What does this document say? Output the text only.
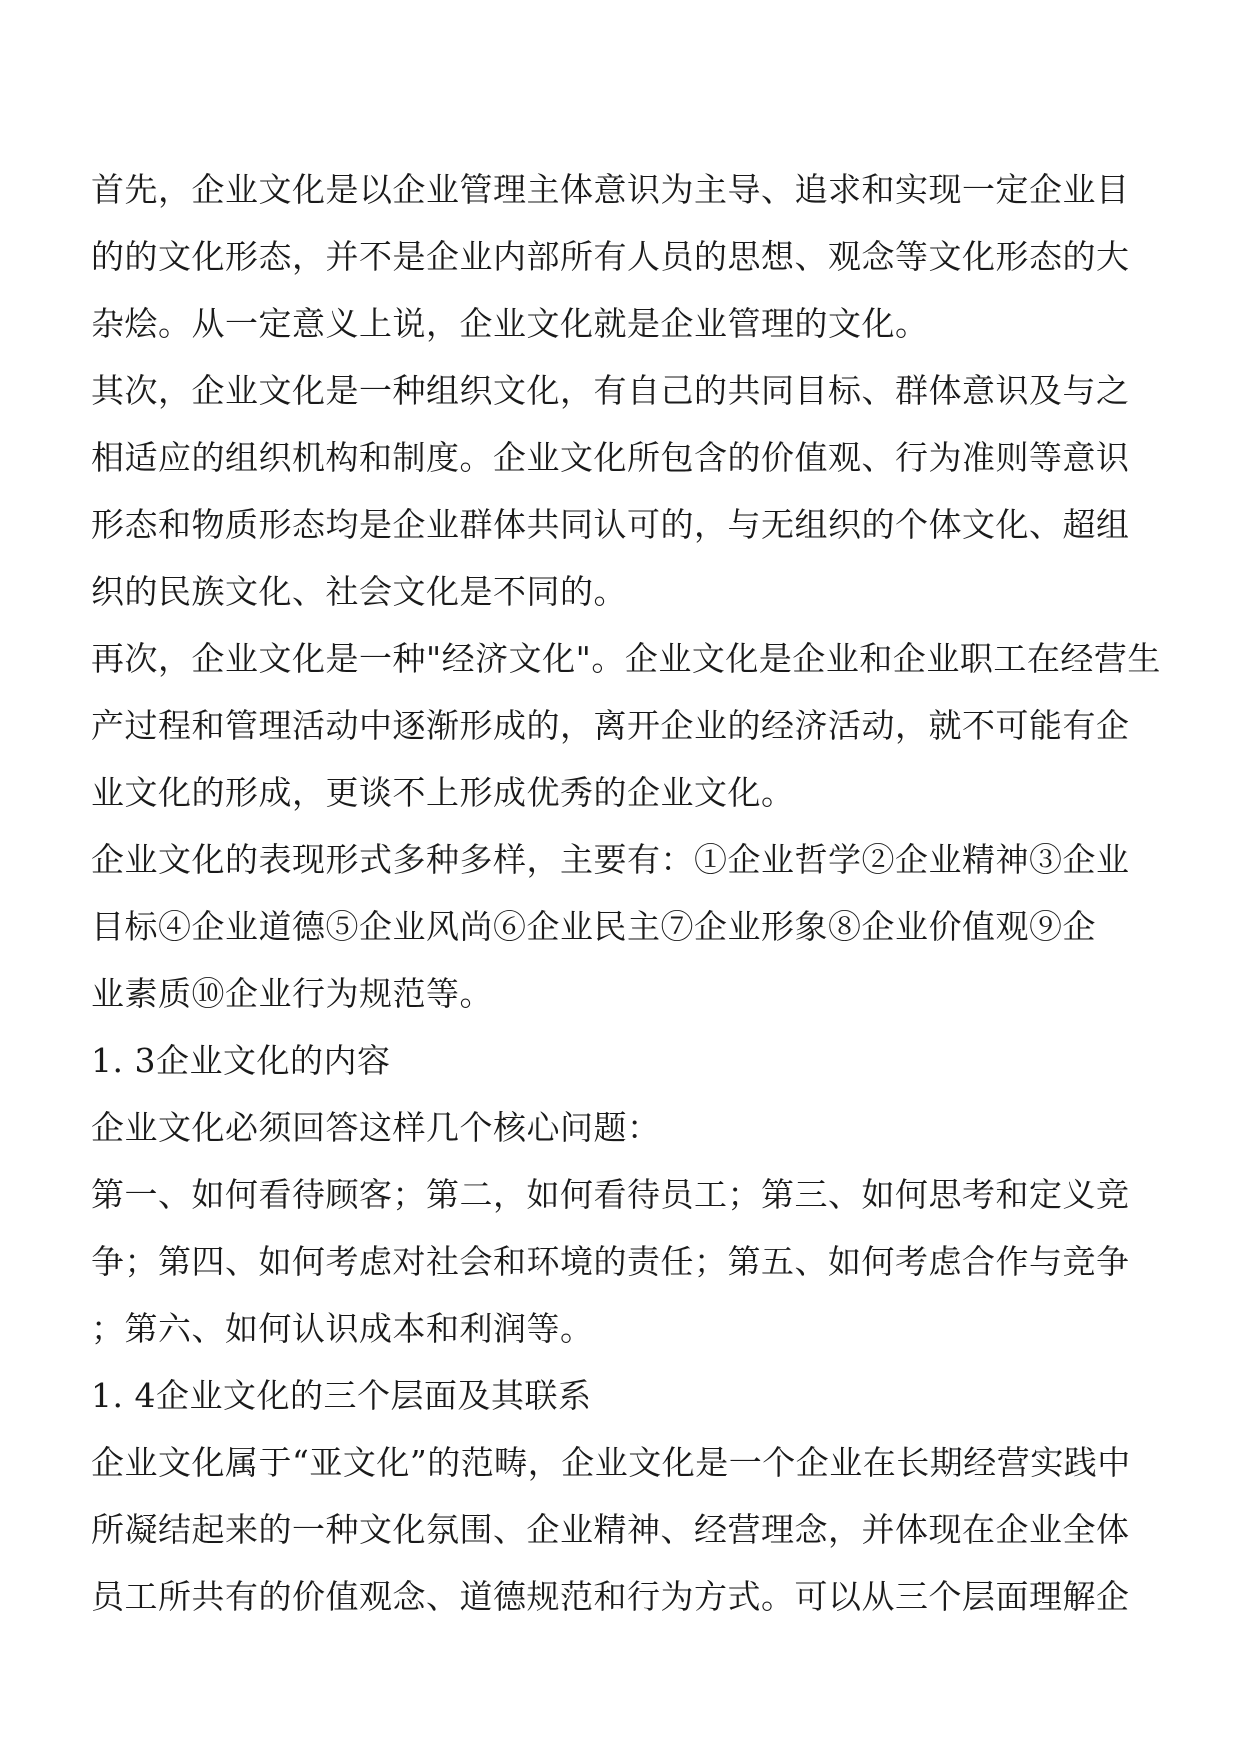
首先，企业文化是以企业管理主体意识为主导、追求和实现一定企业目
的的文化形态，并不是企业内部所有人员的思想、观念等文化形态的大
杂烩。从一定意义上说，企业文化就是企业管理的文化。
其次，企业文化是一种组织文化，有自己的共同目标、群体意识及与之
相适应的组织机构和制度。企业文化所包含的价值观、行为准则等意识
形态和物质形态均是企业群体共同认可的，与无组织的个体文化、超组
织的民族文化、社会文化是不同的。
再次，企业文化是一种"经济文化"。企业文化是企业和企业职工在经营生
产过程和管理活动中逐渐形成的，离开企业的经济活动，就不可能有企
业文化的形成，更谈不上形成优秀的企业文化。
企业文化的表现形式多种多样，主要有：①企业哲学②企业精神③企业
目标④企业道德⑤企业风尚⑥企业民主⑦企业形象⑧企业价值观⑨企
业素质⑩企业行为规范等。
1. 3企业文化的内容
企业文化必须回答这样几个核心问题：
第一、如何看待顾客；第二，如何看待员工；第三、如何思考和定义竞
争；第四、如何考虑对社会和环境的责任；第五、如何考虑合作与竞争
；第六、如何认识成本和利润等。
1. 4企业文化的三个层面及其联系
企业文化属于“亚文化”的范畴，企业文化是一个企业在长期经营实践中
所凝结起来的一种文化氛围、企业精神、经营理念，并体现在企业全体
员工所共有的价值观念、道德规范和行为方式。可以从三个层面理解企
